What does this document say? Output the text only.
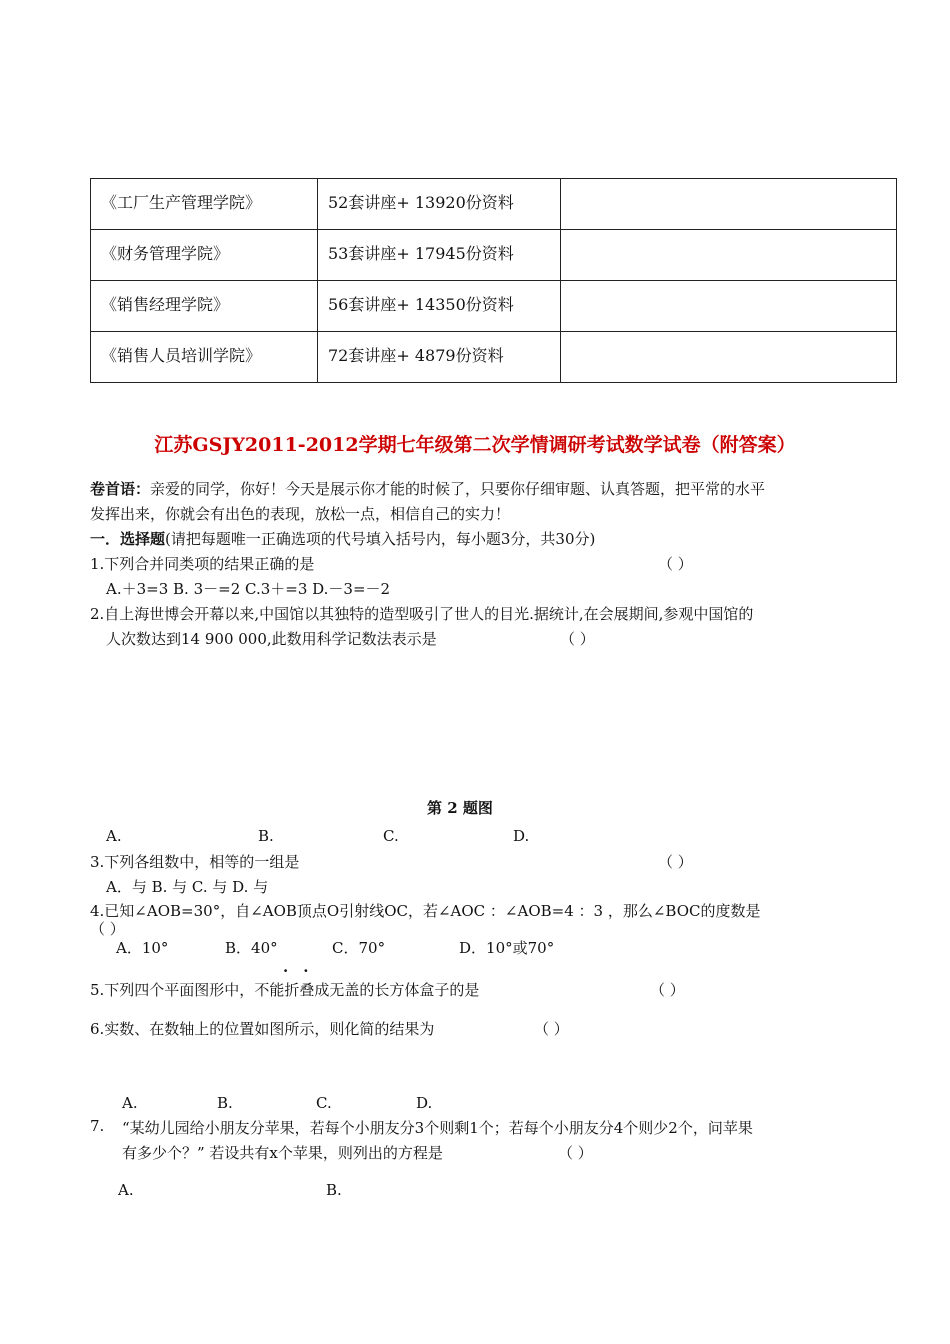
《工厂生产管理学院》	52套讲座+ 13920份资料	
《财务管理学院》	53套讲座+ 17945份资料	

《销售经理学院》	56套讲座+ 14350份资料	
《销售人员培训学院》	72套讲座+ 4879份资料	
江苏GSJY2011-2012学期七年级第二次学情调研考试数学试卷（附答案）
卷首语：亲爱的同学，你好！今天是展示你才能的时候了，只要你仔细审题、认真答题，把平常的水平
发挥出来，你就会有出色的表现，放松一点，相信自己的实力！
一．选择题(请把每题唯一正确选项的代号填入括号内，每小题3分，共30分)
1.下列合并同类项的结果正确的是	（ ）
A.＋3=3 B. 3－=2 C.3＋=3 D.－3=－2
2.自上海世博会开幕以来,中国馆以其独特的造型吸引了世人的目光.据统计,在会展期间,参观中国馆的
人次数达到14 900 000,此数用科学记数法表示是	（ ）
第 2 题图
A.	B.	C.	D.
3.下列各组数中，相等的一组是	（ ）
A．与 B. 与 C. 与 D. 与
4.已知∠AOB=30°，自∠AOB顶点O引射线OC，若∠AOC ：∠AOB=4 ：3 ，那么∠BOC的度数是
（ ）
A．10°	B．40°	C．70°	D．10°或70°
· ·
5.下列四个平面图形中，不能折叠成无盖的长方体盒子的是	（ ）
6.实数、在数轴上的位置如图所示，则化简的结果为	（ ）
A.	B.	C.	D.
7. “某幼儿园给小朋友分苹果，若每个小朋友分3个则剩1个；若每个小朋友分4个则少2个，问苹果
有多少个？” 若设共有x个苹果，则列出的方程是	（ ）
A.	B.
